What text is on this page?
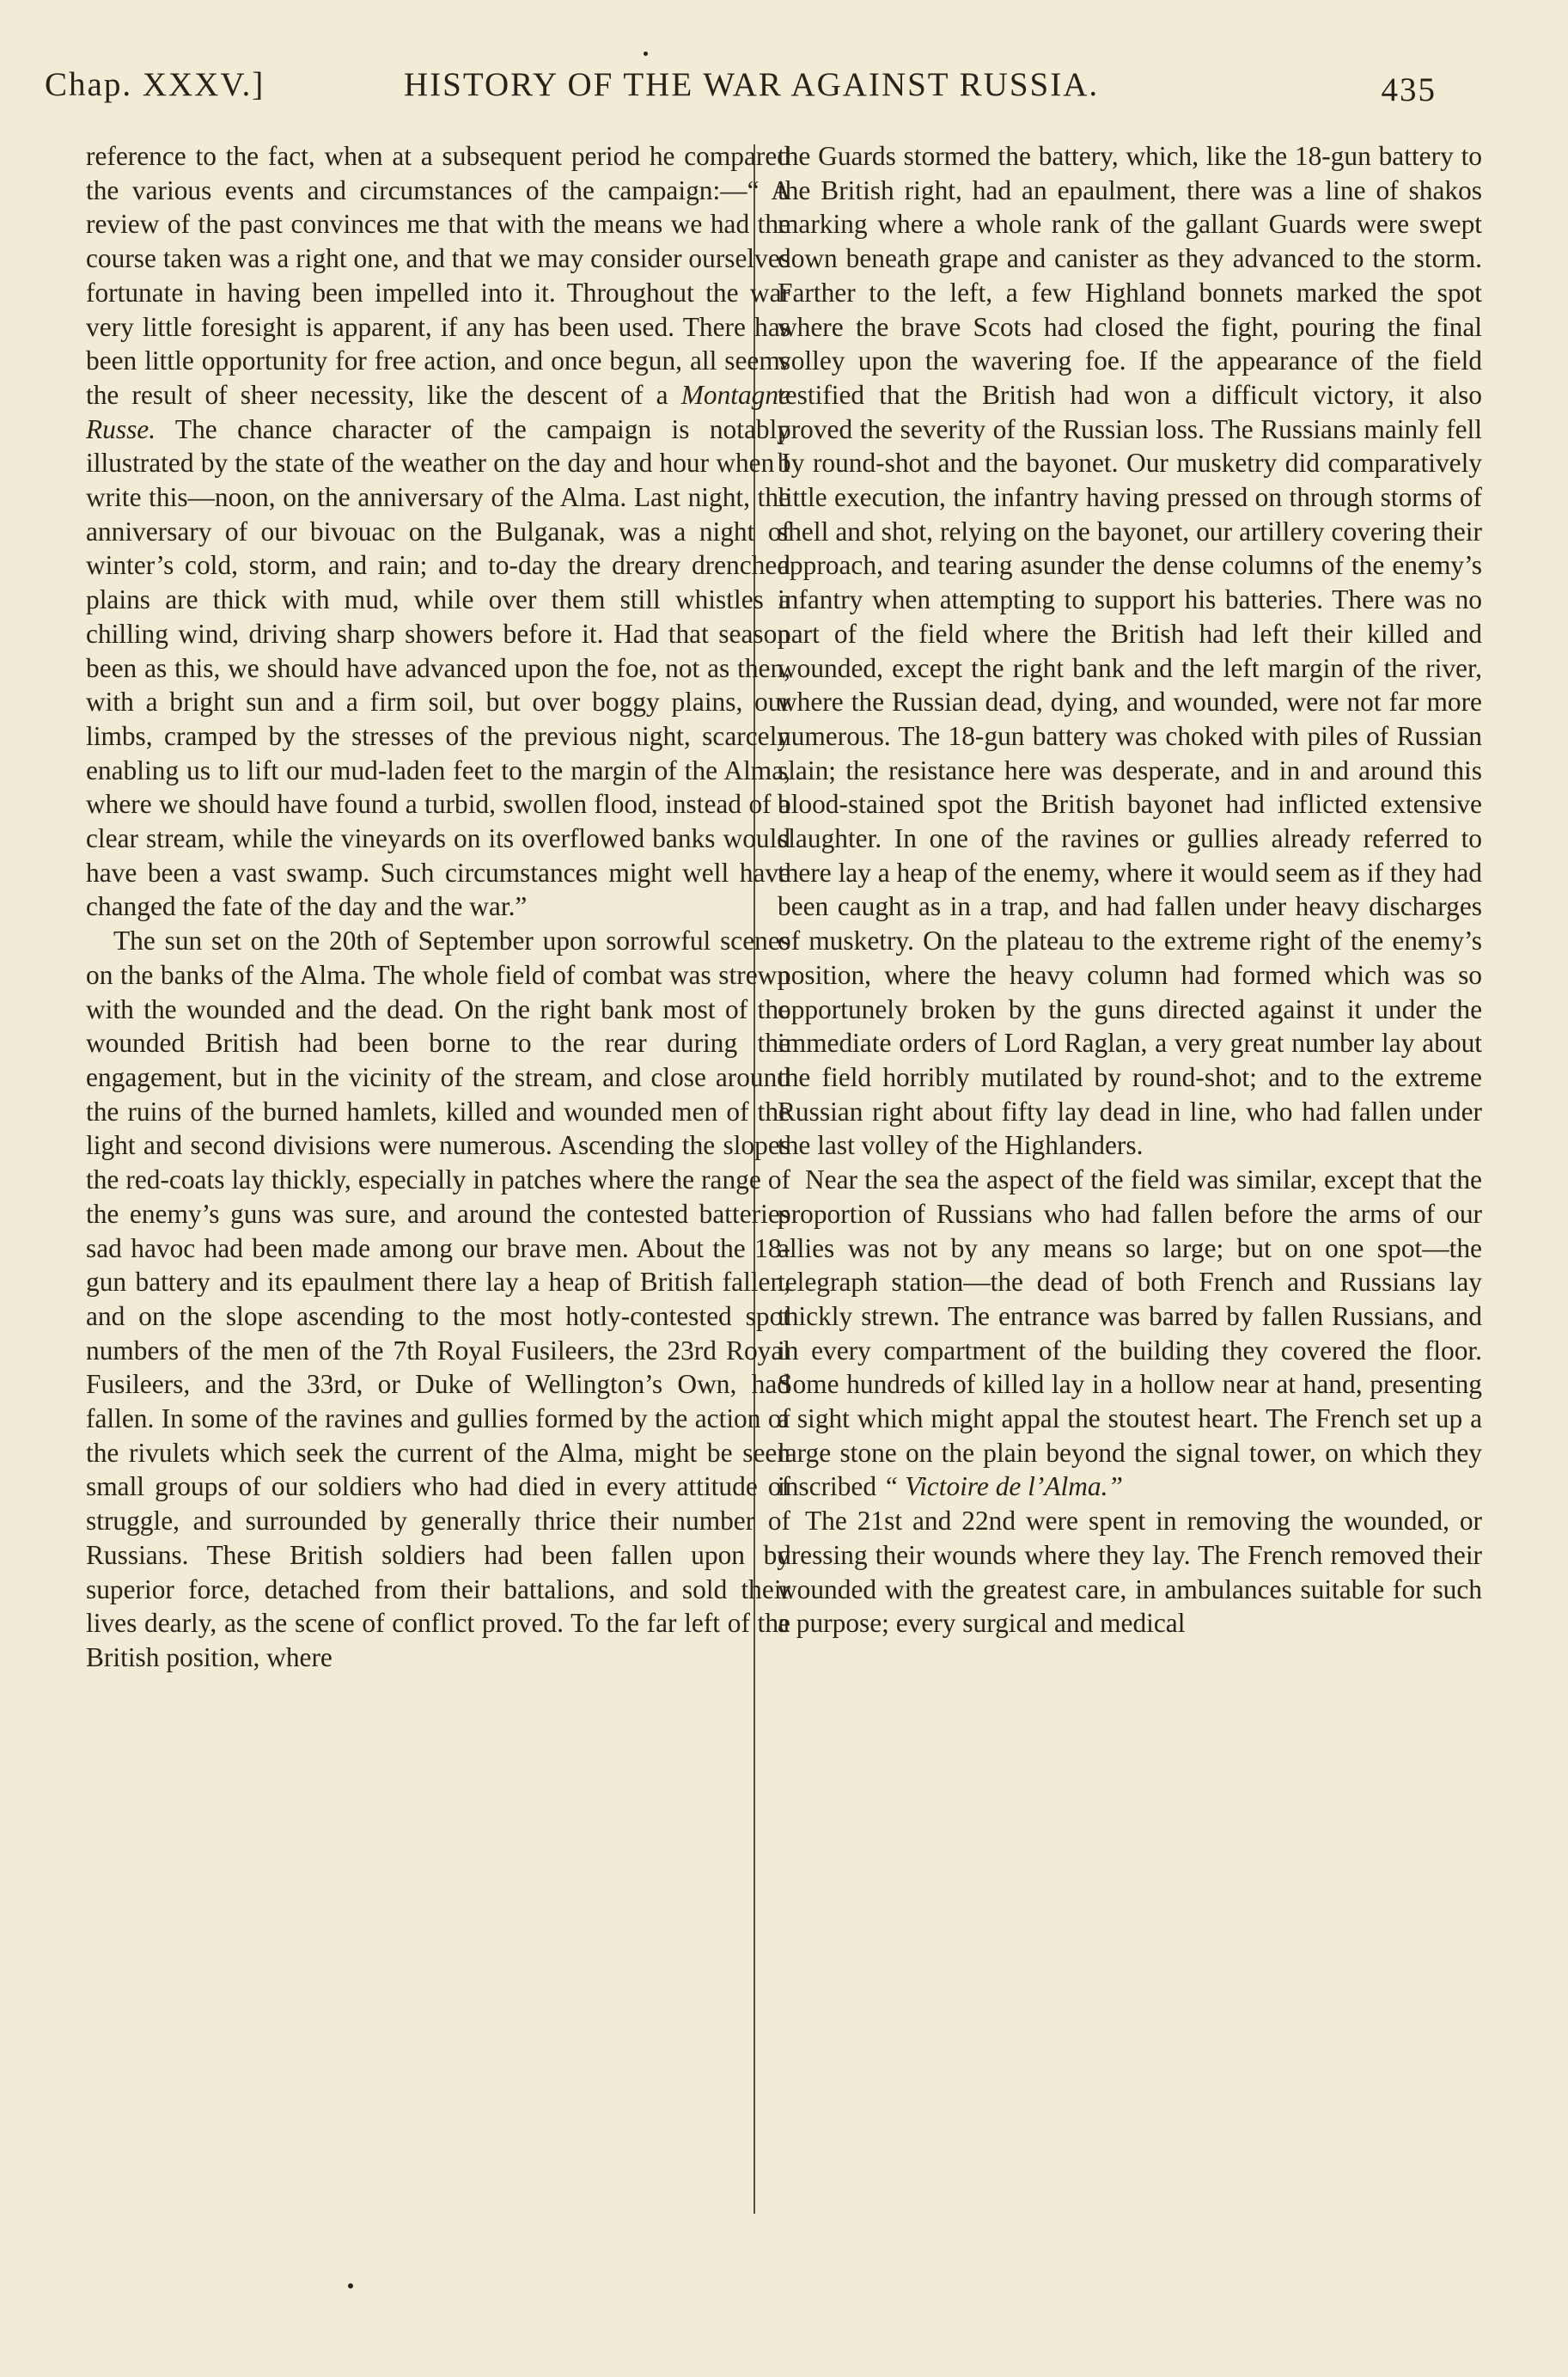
Chap. XXXV.]	HISTORY OF THE WAR AGAINST RUSSIA.	435

reference to the fact, when at a subsequent period he compared the various events and circumstances of the campaign:—“ A review of the past convinces me that with the means we had the course taken was a right one, and that we may consider ourselves fortunate in having been impelled into it. Throughout the war very little foresight is apparent, if any has been used. There has been little opportunity for free action, and once begun, all seems the result of sheer necessity, like the descent of a Montagne Russe. The chance character of the campaign is notably illustrated by the state of the weather on the day and hour when I write this—noon, on the anniversary of the Alma. Last night, the anniversary of our bivouac on the Bulganak, was a night of winter’s cold, storm, and rain; and to-day the dreary drenched plains are thick with mud, while over them still whistles a chilling wind, driving sharp showers before it. Had that season been as this, we should have advanced upon the foe, not as then, with a bright sun and a firm soil, but over boggy plains, our limbs, cramped by the stresses of the previous night, scarcely enabling us to lift our mud-laden feet to the margin of the Alma, where we should have found a turbid, swollen flood, instead of a clear stream, while the vineyards on its overflowed banks would have been a vast swamp. Such circumstances might well have changed the fate of the day and the war.”

The sun set on the 20th of September upon sorrowful scenes on the banks of the Alma. The whole field of combat was strewn with the wounded and the dead. On the right bank most of the wounded British had been borne to the rear during the engagement, but in the vicinity of the stream, and close around the ruins of the burned hamlets, killed and wounded men of the light and second divisions were numerous. Ascending the slopes the red-coats lay thickly, especially in patches where the range of the enemy’s guns was sure, and around the contested batteries sad havoc had been made among our brave men. About the 18-gun battery and its epaulment there lay a heap of British fallen, and on the slope ascending to the most hotly-contested spot numbers of the men of the 7th Royal Fusileers, the 23rd Royal Fusileers, and the 33rd, or Duke of Wellington’s Own, had fallen. In some of the ravines and gullies formed by the action of the rivulets which seek the current of the Alma, might be seen small groups of our soldiers who had died in every attitude of struggle, and surrounded by generally thrice their number of Russians. These British soldiers had been fallen upon by superior force, detached from their battalions, and sold their lives dearly, as the scene of conflict proved. To the far left of the British position, where

the Guards stormed the battery, which, like the 18-gun battery to the British right, had an epaulment, there was a line of shakos marking where a whole rank of the gallant Guards were swept down beneath grape and canister as they advanced to the storm. Farther to the left, a few Highland bonnets marked the spot where the brave Scots had closed the fight, pouring the final volley upon the wavering foe. If the appearance of the field testified that the British had won a difficult victory, it also proved the severity of the Russian loss. The Russians mainly fell by round-shot and the bayonet. Our musketry did comparatively little execution, the infantry having pressed on through storms of shell and shot, relying on the bayonet, our artillery covering their approach, and tearing asunder the dense columns of the enemy’s infantry when attempting to support his batteries. There was no part of the field where the British had left their killed and wounded, except the right bank and the left margin of the river, where the Russian dead, dying, and wounded, were not far more numerous. The 18-gun battery was choked with piles of Russian slain; the resistance here was desperate, and in and around this blood-stained spot the British bayonet had inflicted extensive slaughter. In one of the ravines or gullies already referred to there lay a heap of the enemy, where it would seem as if they had been caught as in a trap, and had fallen under heavy discharges of musketry. On the plateau to the extreme right of the enemy’s position, where the heavy column had formed which was so opportunely broken by the guns directed against it under the immediate orders of Lord Raglan, a very great number lay about the field horribly mutilated by round-shot; and to the extreme Russian right about fifty lay dead in line, who had fallen under the last volley of the Highlanders.

Near the sea the aspect of the field was similar, except that the proportion of Russians who had fallen before the arms of our allies was not by any means so large; but on one spot—the telegraph station—the dead of both French and Russians lay thickly strewn. The entrance was barred by fallen Russians, and in every compartment of the building they covered the floor. Some hundreds of killed lay in a hollow near at hand, presenting a sight which might appal the stoutest heart. The French set up a large stone on the plain beyond the signal tower, on which they inscribed “ Victoire de l’Alma.”

The 21st and 22nd were spent in removing the wounded, or dressing their wounds where they lay. The French removed their wounded with the greatest care, in ambulances suitable for such a purpose; every surgical and medical
